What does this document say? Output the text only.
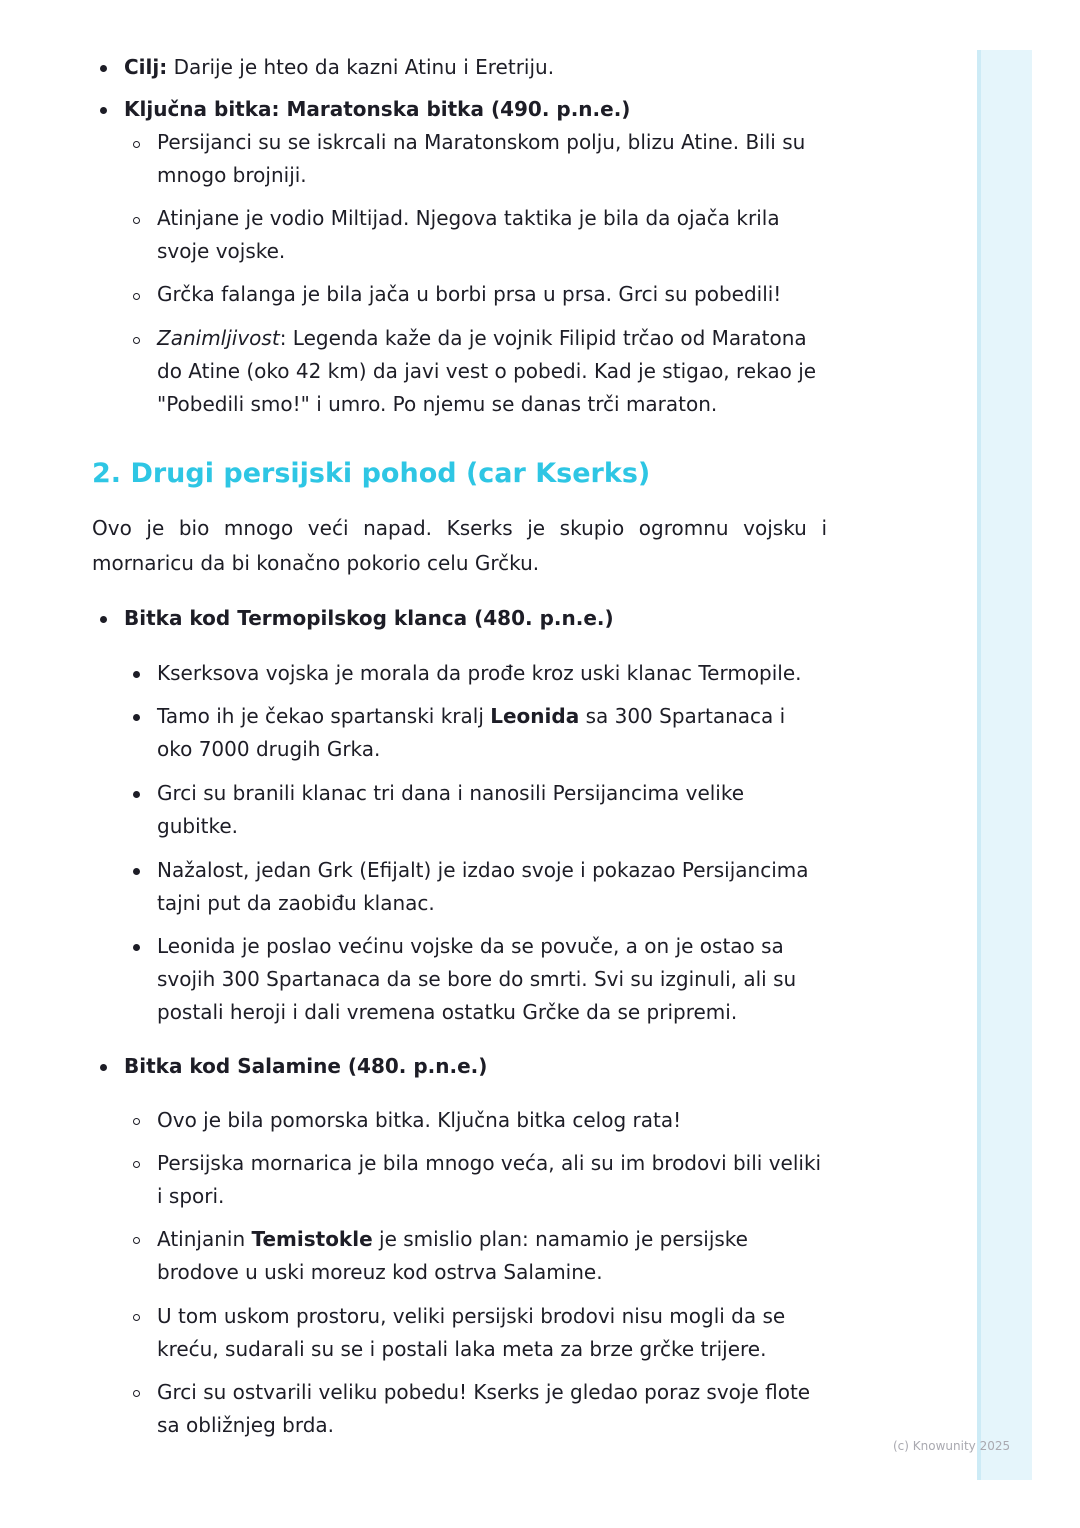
(c) Knowunity 2025
Cilj: Darije je hteo da kazni Atinu i Eretriju.
Ključna bitka: Maratonska bitka (490. p.n.e.)
Persijanci su se iskrcali na Maratonskom polju, blizu Atine. Bili su
mnogo brojniji.
Atinjane je vodio Miltijad. Njegova taktika je bila da ojača krila
svoje vojske.
Grčka falanga je bila jača u borbi prsa u prsa. Grci su pobedili!
Zanimljivost: Legenda kaže da je vojnik Filipid trčao od Maratona
do Atine (oko 42 km) da javi vest o pobedi. Kad je stigao, rekao je
"Pobedili smo!" i umro. Po njemu se danas trči maraton.
2. Drugi persijski pohod (car Kserks)
Ovo je bio mnogo veći napad. Kserks je skupio ogromnu vojsku i
mornaricu da bi konačno pokorio celu Grčku.
Bitka kod Termopilskog klanca (480. p.n.e.)
Kserksova vojska je morala da prođe kroz uski klanac Termopile.
Tamo ih je čekao spartanski kralj Leonida sa 300 Spartanaca i
oko 7000 drugih Grka.
Grci su branili klanac tri dana i nanosili Persijancima velike
gubitke.
Nažalost, jedan Grk (Efijalt) je izdao svoje i pokazao Persijancima
tajni put da zaobiđu klanac.
Leonida je poslao većinu vojske da se povuče, a on je ostao sa
svojih 300 Spartanaca da se bore do smrti. Svi su izginuli, ali su
postali heroji i dali vremena ostatku Grčke da se pripremi.
Bitka kod Salamine (480. p.n.e.)
Ovo je bila pomorska bitka. Ključna bitka celog rata!
Persijska mornarica je bila mnogo veća, ali su im brodovi bili veliki
i spori.
Atinjanin Temistokle je smislio plan: namamio je persijske
brodove u uski moreuz kod ostrva Salamine.
U tom uskom prostoru, veliki persijski brodovi nisu mogli da se
kreću, sudarali su se i postali laka meta za brze grčke trijere.
Grci su ostvarili veliku pobedu! Kserks je gledao poraz svoje flote
sa obližnjeg brda.
